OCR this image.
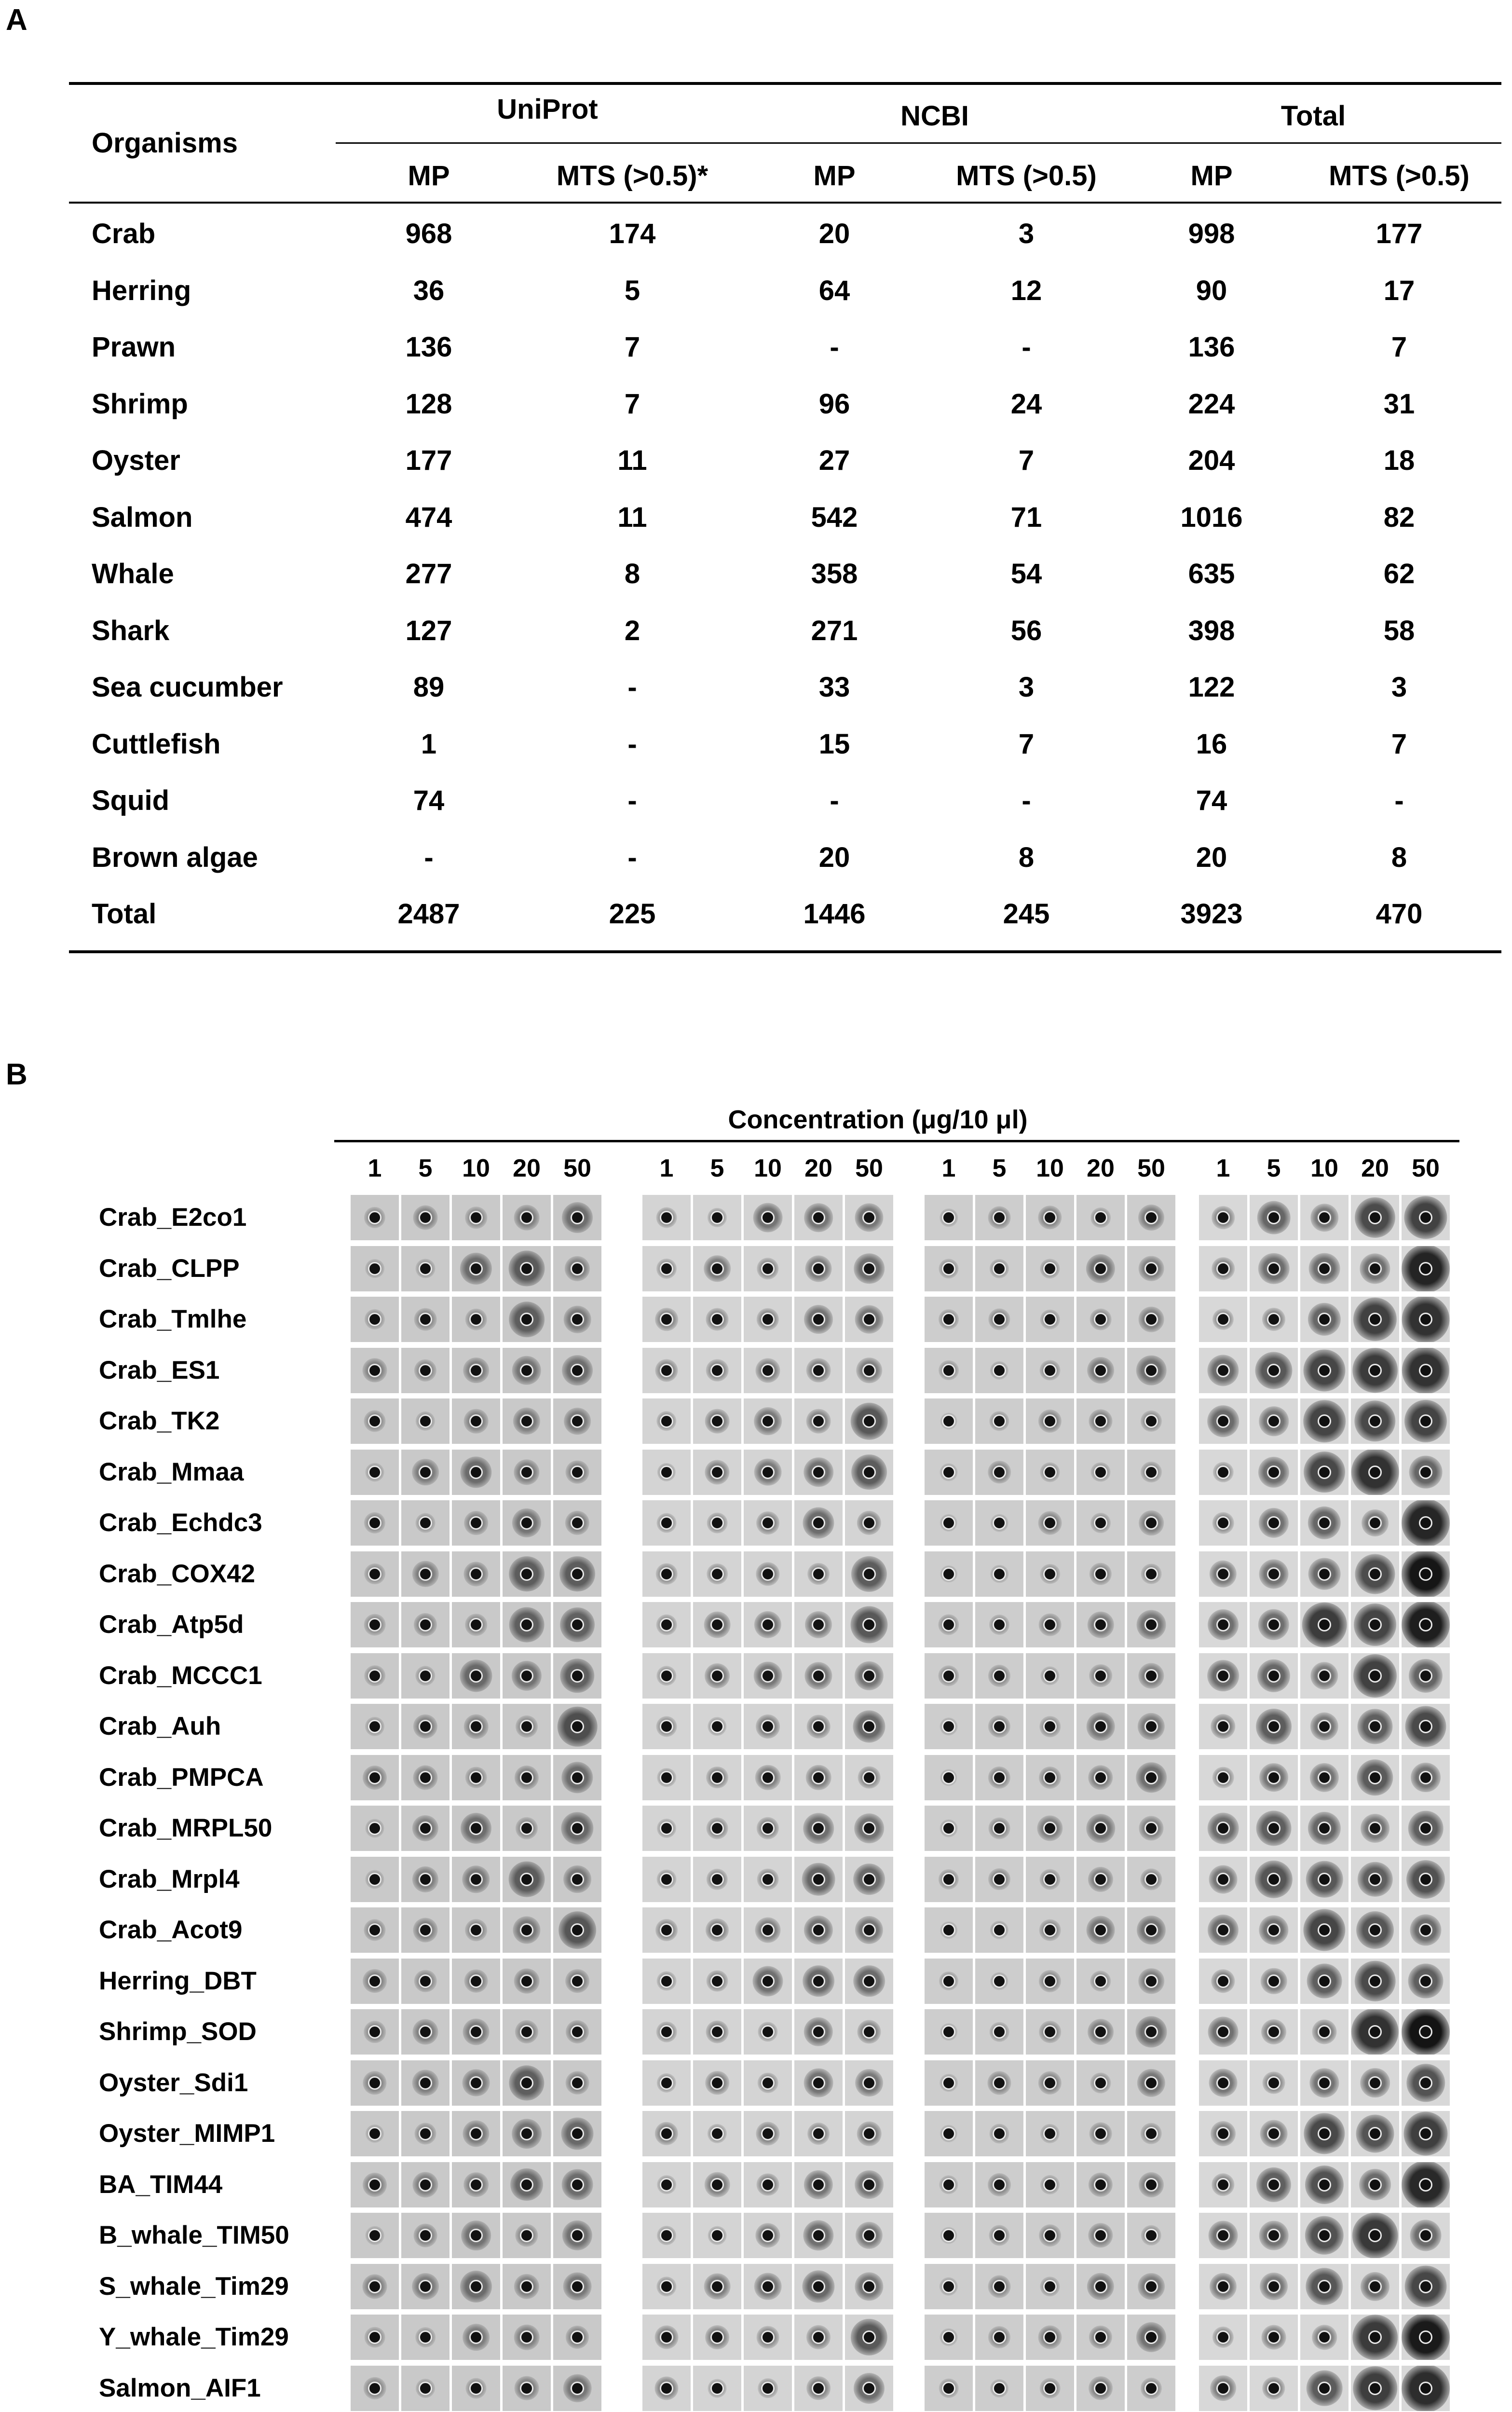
A
B
Organisms
UniProt	NCBI	Total
MP	MTS (>0.5)*	MP	MTS (>0.5)	MP	MTS (>0.5)
Crab	968	174	20	3	998	177
Herring	36	5	64	12	90	17
Prawn	136	7	-	-	136	7
Shrimp	128	7	96	24	224	31
Oyster	177	11	27	7	204	18
Salmon	474	11	542	71	1016	82
Whale	277	8	358	54	635	62
Shark	127	2	271	56	398	58
Sea cucumber	89	-	33	3	122	3
Cuttlefish	1	-	15	7	16	7
Squid	74	-	-	-	74	-
Brown algae	-	-	20	8	20	8
Total	2487	225	1446	245	3923	470
Concentration (μg/10 μl)
1 5 10 20 50	1 5 10 20 50 1 5 10 20 50 1 5 10 20 50
Crab_E2co1
Crab_CLPP
Crab_Tmlhe
Crab_ES1
Crab_TK2
Crab_Mmaa
Crab_Echdc3
Crab_COX42
Crab_Atp5d
Crab_MCCC1
Crab_Auh
Crab_PMPCA
Crab_MRPL50
Crab_Mrpl4
Crab_Acot9
Herring_DBT
Shrimp_SOD
Oyster_Sdi1
Oyster_MIMP1
BA_TIM44
B_whale_TIM50
S_whale_Tim29
Y_whale_Tim29
Salmon_AIF1
